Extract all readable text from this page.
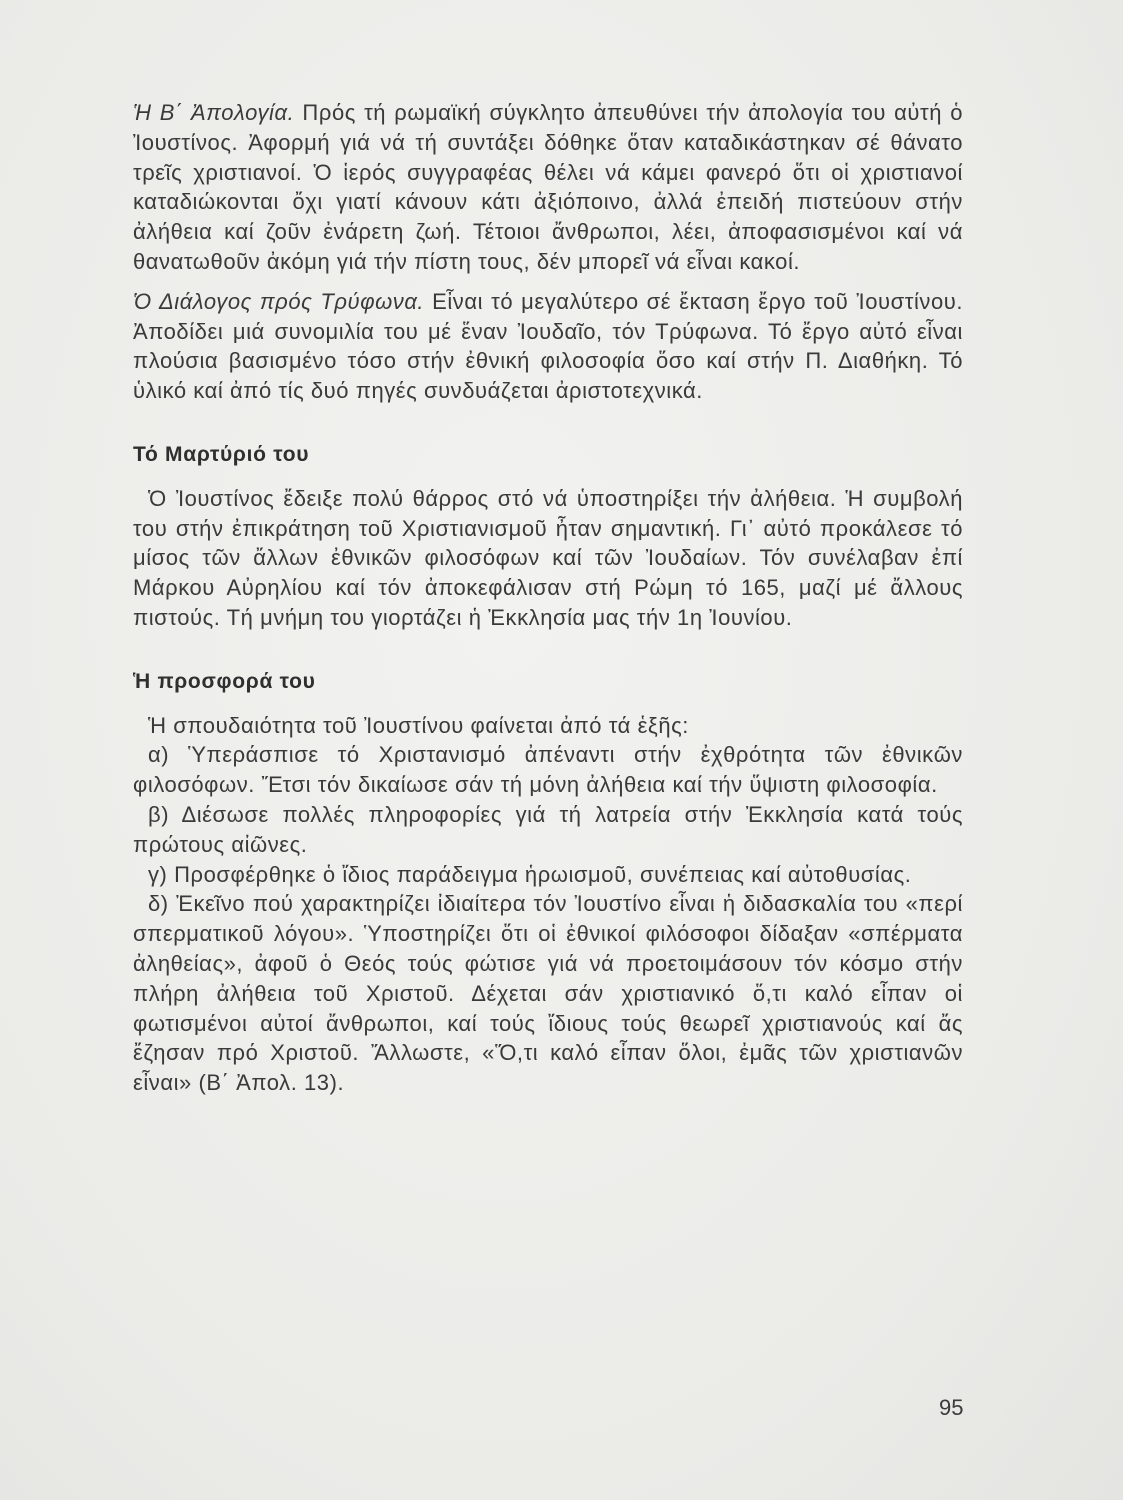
Ἡ Β΄ Ἀπολογία. Πρός τή ρωμαϊκή σύγκλητο ἀπευθύνει τήν ἀπολογία του αὐτή ὁ Ἰουστίνος. Ἀφορμή γιά νά τή συντάξει δόθηκε ὅταν καταδικάστηκαν σέ θάνατο τρεῖς χριστιανοί. Ὁ ἱερός συγγραφέας θέλει νά κάμει φανερό ὅτι οἱ χριστιανοί καταδιώκονται ὄχι γιατί κάνουν κάτι ἀξιόποινο, ἀλλά ἐπειδή πιστεύουν στήν ἀλήθεια καί ζοῦν ἐνάρετη ζωή. Τέτοιοι ἄνθρωποι, λέει, ἀποφασισμένοι καί νά θανατωθοῦν ἀκόμη γιά τήν πίστη τους, δέν μπορεῖ νά εἶναι κακοί.

Ὁ Διάλογος πρός Τρύφωνα. Εἶναι τό μεγαλύτερο σέ ἔκταση ἔργο τοῦ Ἰουστίνου. Ἀποδίδει μιά συνομιλία του μέ ἕναν Ἰουδαῖο, τόν Τρύφωνα. Τό ἔργο αὐτό εἶναι πλούσια βασισμένο τόσο στήν ἐθνική φιλοσοφία ὅσο καί στήν Π. Διαθήκη. Τό ὑλικό καί ἀπό τίς δυό πηγές συνδυάζεται ἀριστοτεχνικά.

Τό Μαρτύριό του

Ὁ Ἰουστίνος ἔδειξε πολύ θάρρος στό νά ὑποστηρίξει τήν ἀλήθεια. Ἡ συμβολή του στήν ἐπικράτηση τοῦ Χριστιανισμοῦ ἦταν σημαντική. Γι᾿ αὐτό προκάλεσε τό μίσος τῶν ἄλλων ἐθνικῶν φιλοσόφων καί τῶν Ἰουδαίων. Τόν συνέλαβαν ἐπί Μάρκου Αὐρηλίου καί τόν ἀποκεφάλισαν στή Ρώμη τό 165, μαζί μέ ἄλλους πιστούς. Τή μνήμη του γιορτάζει ἡ Ἐκκλησία μας τήν 1η Ἰουνίου.

Ἡ προσφορά του

Ἡ σπουδαιότητα τοῦ Ἰουστίνου φαίνεται ἀπό τά ἑξῆς:

α) Ὑπεράσπισε τό Χριστανισμό ἀπέναντι στήν ἐχθρότητα τῶν ἐθνικῶν φιλοσόφων. Ἔτσι τόν δικαίωσε σάν τή μόνη ἀλήθεια καί τήν ὕψιστη φιλοσοφία.

β) Διέσωσε πολλές πληροφορίες γιά τή λατρεία στήν Ἐκκλησία κατά τούς πρώτους αἰῶνες.

γ) Προσφέρθηκε ὁ ἴδιος παράδειγμα ἡρωισμοῦ, συνέπειας καί αὐτοθυσίας.

δ) Ἐκεῖνο πού χαρακτηρίζει ἰδιαίτερα τόν Ἰουστίνο εἶναι ἡ διδασκαλία του «περί σπερματικοῦ λόγου». Ὑποστηρίζει ὅτι οἱ ἐθνικοί φιλόσοφοι δίδαξαν «σπέρματα ἀληθείας», ἀφοῦ ὁ Θεός τούς φώτισε γιά νά προετοιμάσουν τόν κόσμο στήν πλήρη ἀλήθεια τοῦ Χριστοῦ. Δέχεται σάν χριστιανικό ὅ,τι καλό εἶπαν οἱ φωτισμένοι αὐτοί ἄνθρωποι, καί τούς ἴδιους τούς θεωρεῖ χριστιανούς καί ἄς ἔζησαν πρό Χριστοῦ. Ἄλλωστε, «Ὅ,τι καλό εἶπαν ὅλοι, ἐμᾶς τῶν χριστιανῶν εἶναι» (Β΄ Ἀπολ. 13).

95
